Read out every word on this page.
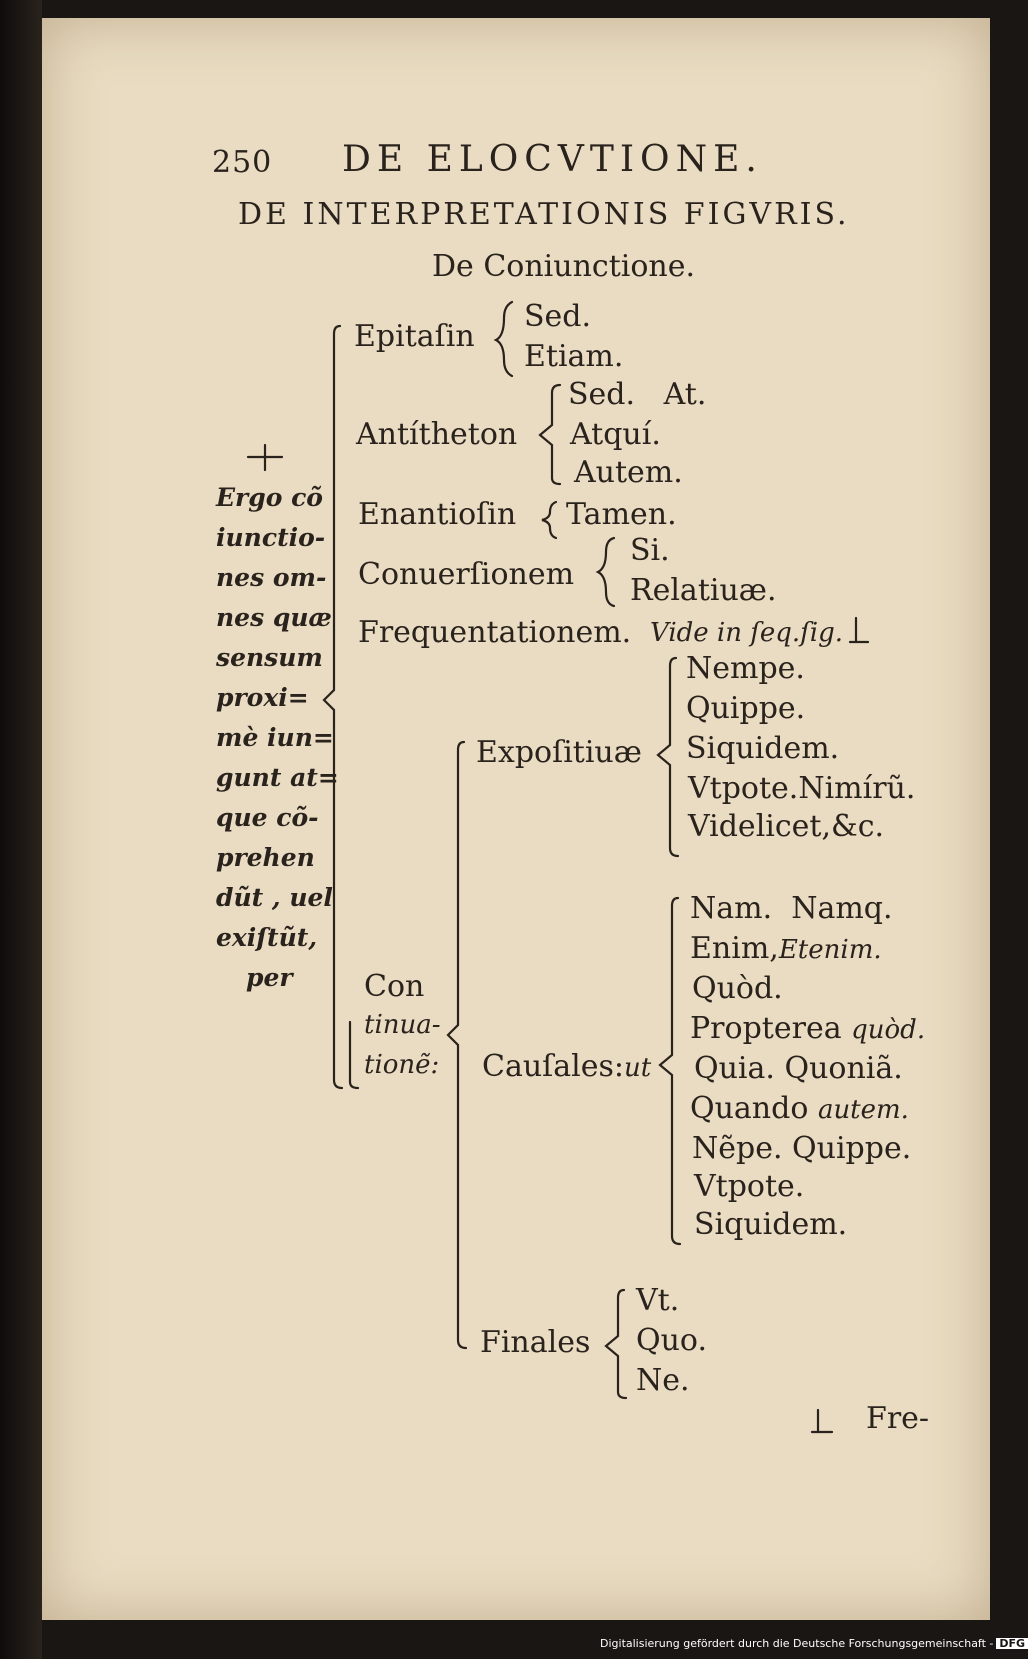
250 DE ELOCVTIONE.
DE INTERPRETATIONIS FIGVRIS.
De Coniunctione.
Ergo cõ
iunctio-
nes om-
nes quæ
sensum
proxi=
mè iun=
gunt at=
que cõ-
prehen
dũt , uel
exiſtũt,
per
Epitaſin
Sed.
Etiam.
Antítheton
Sed.   At.
Atquí.
Autem.
Enantioſin Tamen.
Conuerſionem
Si.
Relatiuæ.
Frequentationem. Vide in ſeq.ſig.
Con
tinua-
tionẽ:
Expoſitiuæ
Nempe.
Quippe.
Siquidem.
Vtpote.Nimírũ.
Videlicet,&c.
Cauſales:ut
Nam.  Namq.
Enim,Etenim.
Quòd.
Propterea quòd.
Quia. Quoniã.
Quando autem.
Nẽpe. Quippe.
Vtpote.
Siquidem.
Finales
Vt.
Quo.
Ne.
Fre-
Digitalisierung gefördert durch die Deutsche Forschungsgemeinschaft - DFG
